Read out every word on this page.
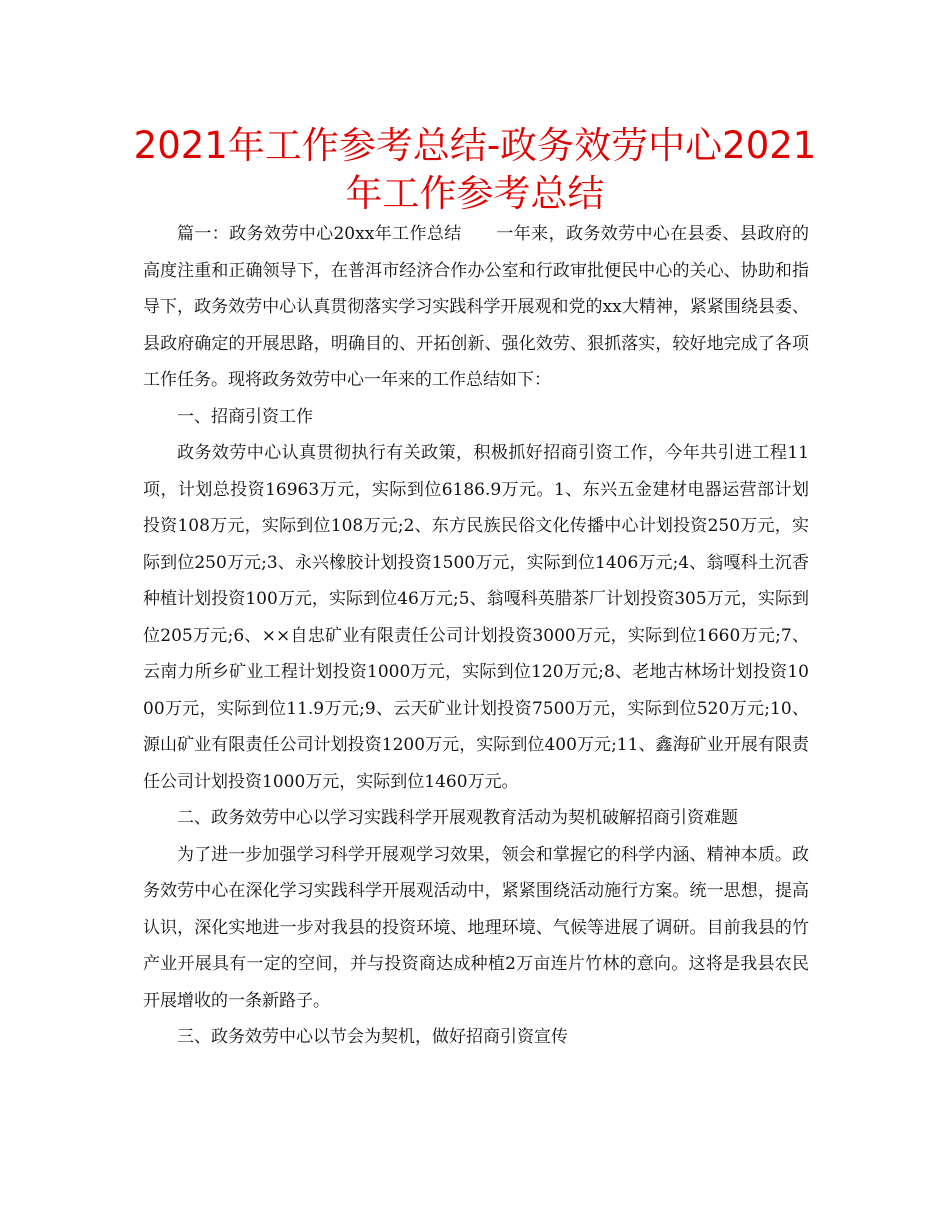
2021年工作参考总结-政务效劳中心2021年工作参考总结

篇一：政务效劳中心20xx年工作总结　　一年来，政务效劳中心在县委、县政府的高度注重和正确领导下，在普洱市经济合作办公室和行政审批便民中心的关心、协助和指导下，政务效劳中心认真贯彻落实学习实践科学开展观和党的xx大精神，紧紧围绕县委、县政府确定的开展思路，明确目的、开拓创新、强化效劳、狠抓落实，较好地完成了各项工作任务。现将政务效劳中心一年来的工作总结如下：

一、招商引资工作

政务效劳中心认真贯彻执行有关政策，积极抓好招商引资工作，今年共引进工程11项，计划总投资16963万元，实际到位6186.9万元。1、东兴五金建材电器运营部计划投资108万元，实际到位108万元;2、东方民族民俗文化传播中心计划投资250万元，实际到位250万元;3、永兴橡胶计划投资1500万元，实际到位1406万元;4、翁嘎科土沉香种植计划投资100万元，实际到位46万元;5、翁嘎科英腊茶厂计划投资305万元，实际到位205万元;6、××自忠矿业有限责任公司计划投资3000万元，实际到位1660万元;7、云南力所乡矿业工程计划投资1000万元，实际到位120万元;8、老地古林场计划投资1000万元，实际到位11.9万元;9、云天矿业计划投资7500万元，实际到位520万元;10、源山矿业有限责任公司计划投资1200万元，实际到位400万元;11、鑫海矿业开展有限责任公司计划投资1000万元，实际到位1460万元。

二、政务效劳中心以学习实践科学开展观教育活动为契机破解招商引资难题

为了进一步加强学习科学开展观学习效果，领会和掌握它的科学内涵、精神本质。政务效劳中心在深化学习实践科学开展观活动中，紧紧围绕活动施行方案。统一思想，提高认识，深化实地进一步对我县的投资环境、地理环境、气候等进展了调研。目前我县的竹产业开展具有一定的空间，并与投资商达成种植2万亩连片竹林的意向。这将是我县农民开展增收的一条新路子。

三、政务效劳中心以节会为契机，做好招商引资宣传
